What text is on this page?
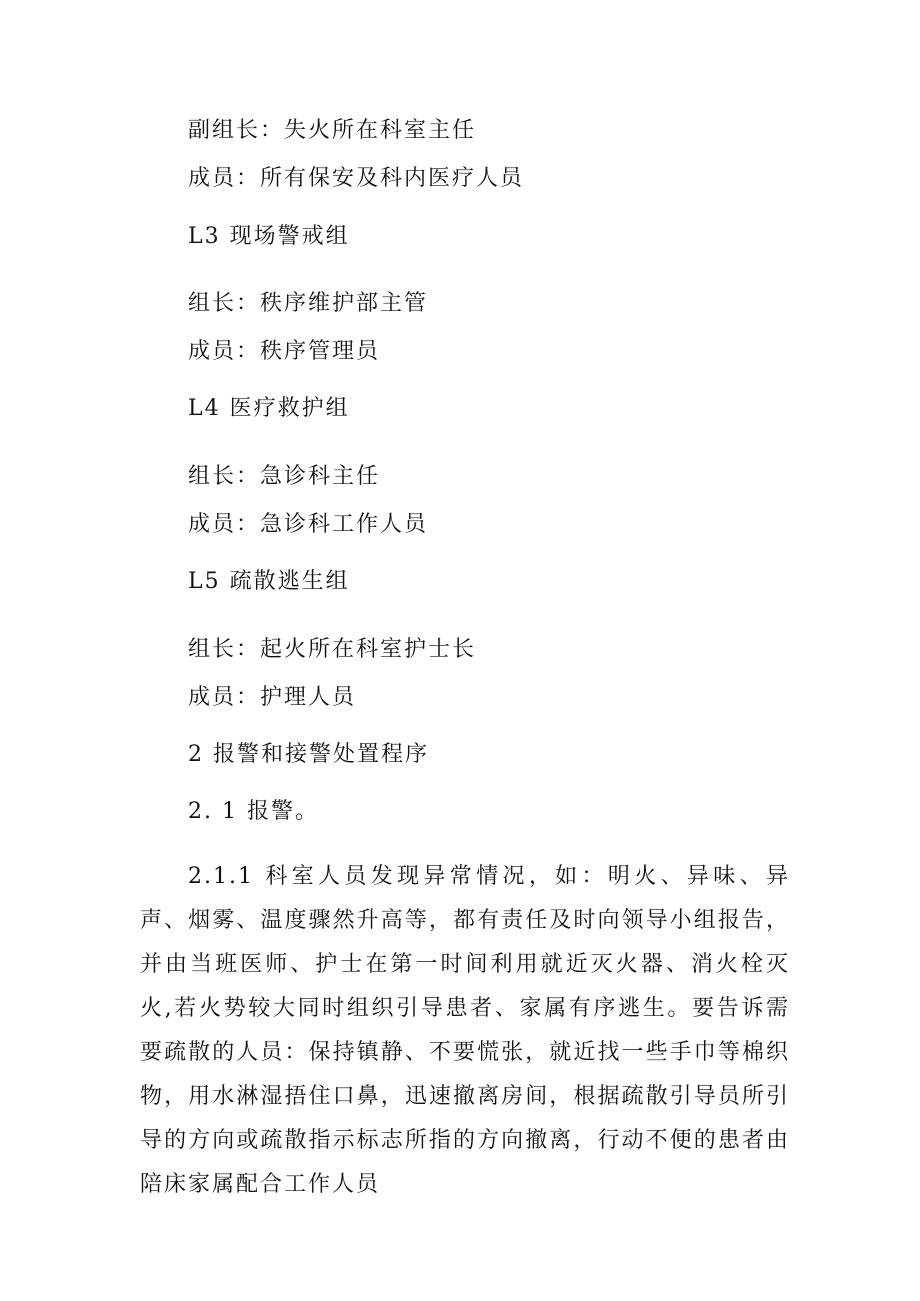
副组长：失火所在科室主任
成员：所有保安及科内医疗人员
L3 现场警戒组
组长：秩序维护部主管
成员：秩序管理员
L4 医疗救护组
组长：急诊科主任
成员：急诊科工作人员
L5 疏散逃生组
组长：起火所在科室护士长
成员：护理人员
2 报警和接警处置程序
2. 1 报警。
2.1.1 科室人员发现异常情况，如：明火、异味、异声、烟雾、温度骤然升高等，都有责任及时向领导小组报告，并由当班医师、护士在第一时间利用就近灭火器、消火栓灭火,若火势较大同时组织引导患者、家属有序逃生。要告诉需要疏散的人员：保持镇静、不要慌张，就近找一些手巾等棉织物，用水淋湿捂住口鼻，迅速撤离房间，根据疏散引导员所引导的方向或疏散指示标志所指的方向撤离，行动不便的患者由陪床家属配合工作人员
